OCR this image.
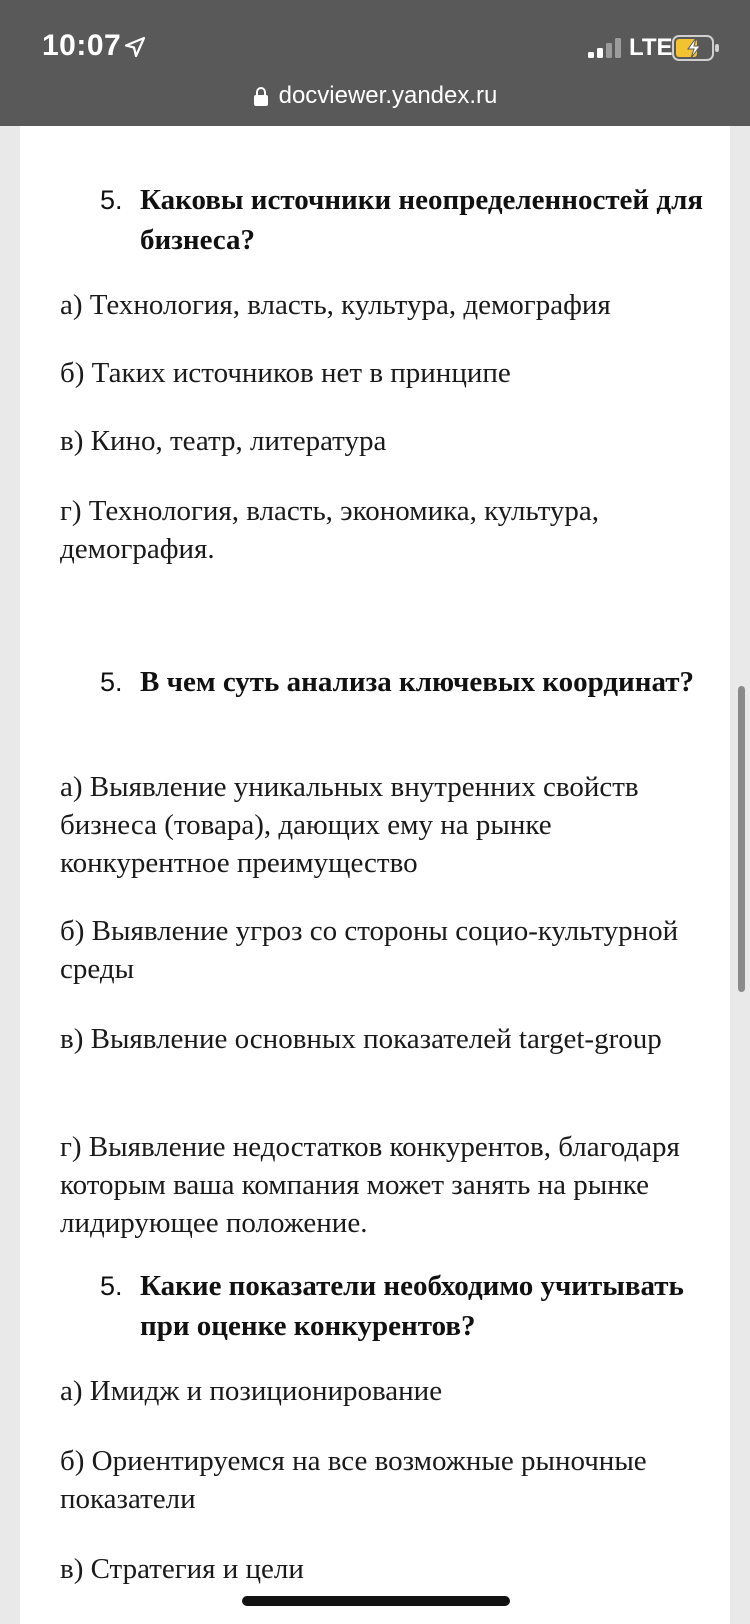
10:07	LTE
docviewer.yandex.ru
5. Каковы источники неопределенностей для бизнеса?
а) Технология, власть, культура, демография
б) Таких источников нет в принципе
в) Кино, театр, литература
г) Технология, власть, экономика, культура, демография.
5. В чем суть анализа ключевых координат?
а) Выявление уникальных внутренних свойств бизнеса (товара), дающих ему на рынке конкурентное преимущество
б) Выявление угроз со стороны социо-культурной среды
в) Выявление основных показателей target-group
г) Выявление недостатков конкурентов, благодаря которым ваша компания может занять на рынке лидирующее положение.
5. Какие показатели необходимо учитывать при оценке конкурентов?
а) Имидж и позиционирование
б) Ориентируемся на все возможные рыночные показатели
в) Стратегия и цели
